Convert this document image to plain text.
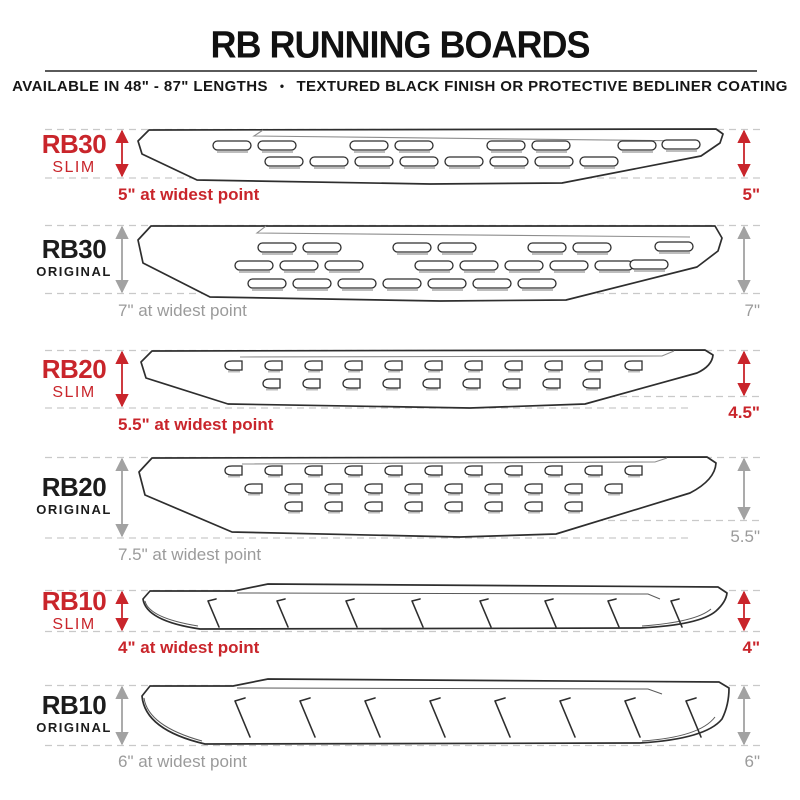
RB RUNNING BOARDS
AVAILABLE IN 48" - 87" LENGTHS • TEXTURED BLACK FINISH OR PROTECTIVE BEDLINER COATING
RB30
SLIM
5" at widest point	5"
RB30
ORIGINAL
7" at widest point	7"
RB20
SLIM
5.5" at widest point
4.5"
RB20
ORIGINAL
7.5" at widest point
5.5"
RB10
SLIM
4" at widest point	4"
RB10
ORIGINAL
6" at widest point	6"
